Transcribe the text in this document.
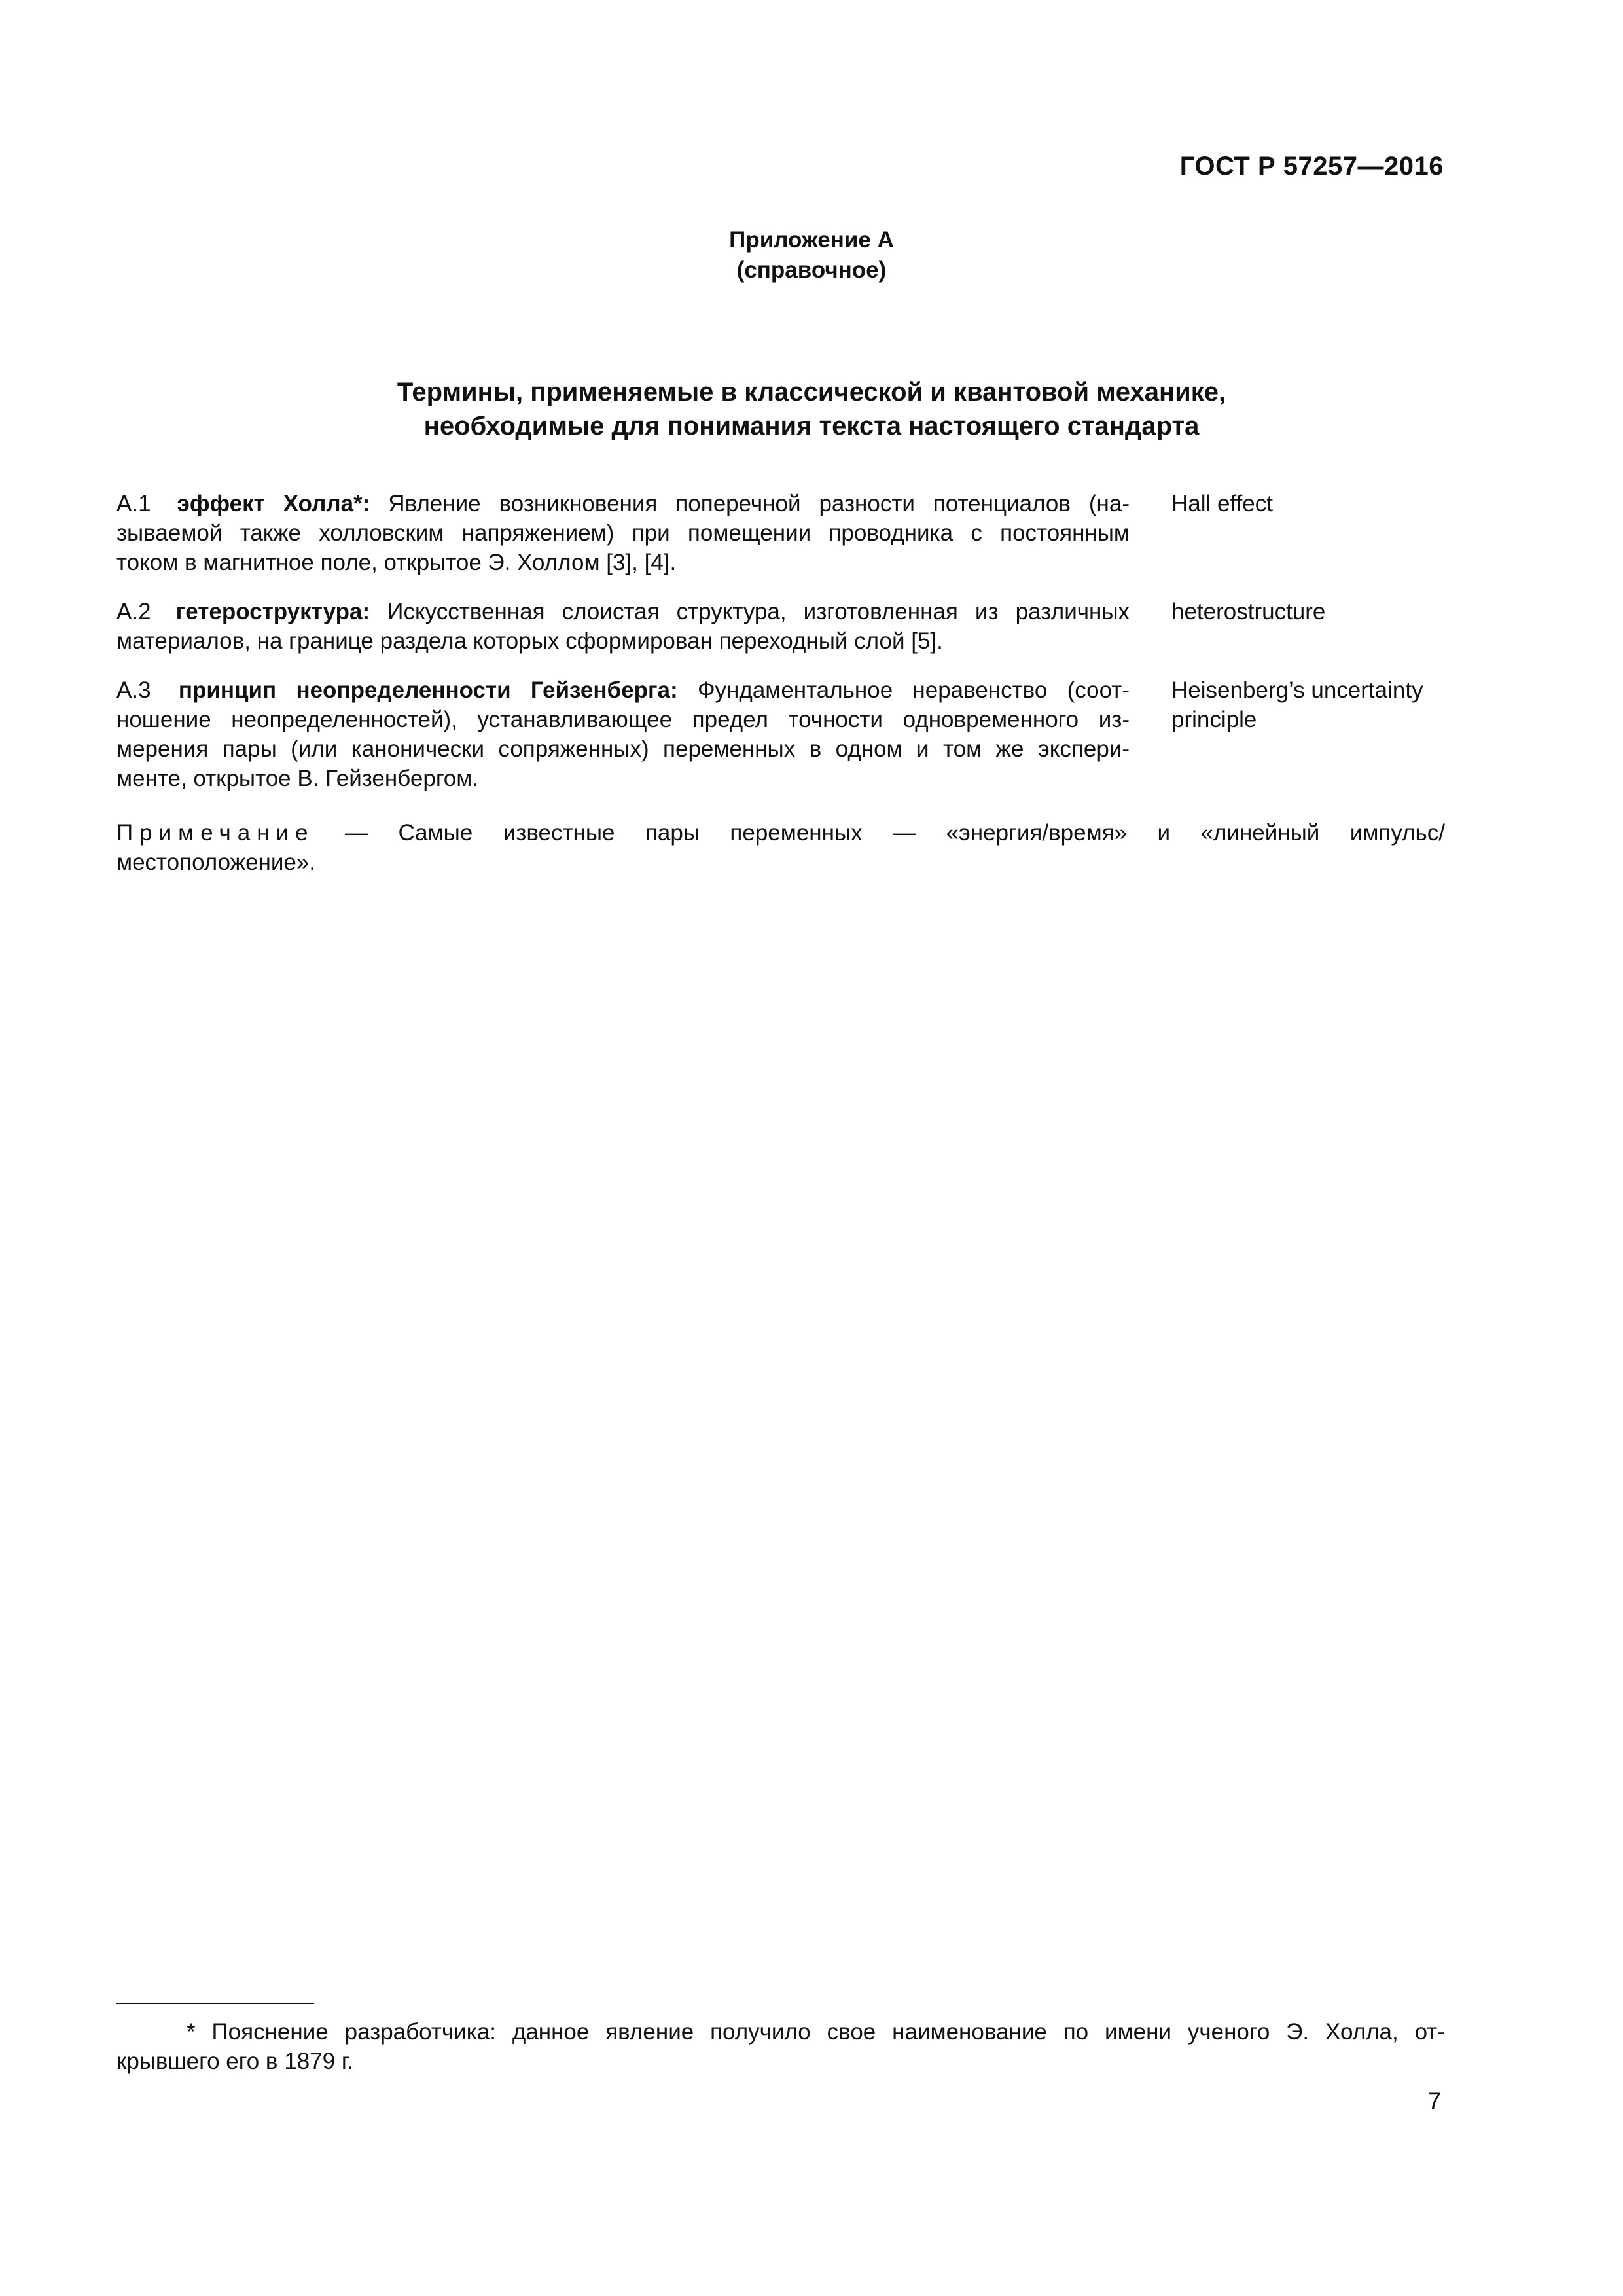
ГОСТ Р 57257—2016
Приложение А
(справочное)
Термины, применяемые в классической и квантовой механике,
необходимые для понимания текста настоящего стандарта
А.1 эффект Холла*: Явление возникновения поперечной разности потенциалов (на-
зываемой также холловским напряжением) при помещении проводника с постоянным
током в магнитное поле, открытое Э. Холлом [3], [4].
Hall effect
А.2 гетероструктура: Искусственная слоистая структура, изготовленная из различных
материалов, на границе раздела которых сформирован переходный слой [5].
heterostructure
А.3 принцип неопределенности Гейзенберга: Фундаментальное неравенство (соот-
ношение неопределенностей), устанавливающее предел точности одновременного из-
мерения пары (или канонически сопряженных) переменных в одном и том же экспери-
менте, открытое В. Гейзенбергом.
Heisenberg’s uncertainty
principle
Примечание — Самые известные пары переменных — «энергия/время» и «линейный импульс/
местоположение».
* Пояснение разработчика: данное явление получило свое наименование по имени ученого Э. Холла, от-
крывшего его в 1879 г.
7
